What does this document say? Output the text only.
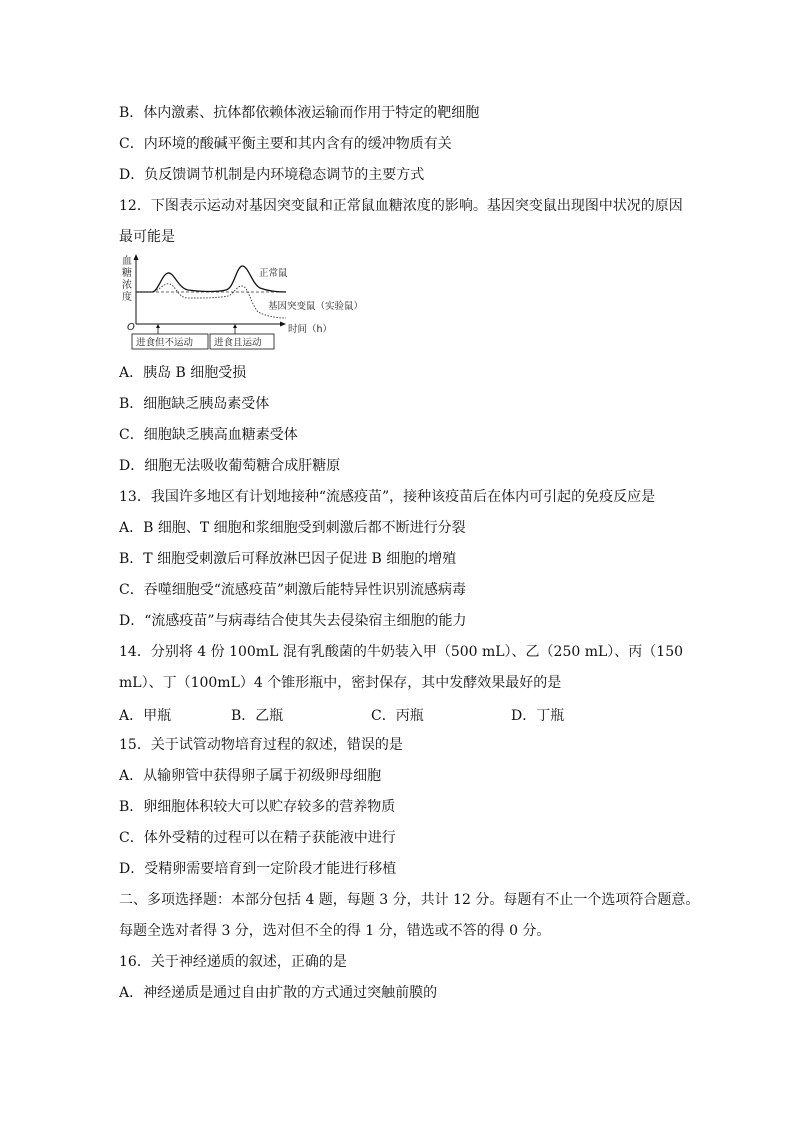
B．体内激素、抗体都依赖体液运输而作用于特定的靶细胞
C．内环境的酸碱平衡主要和其内含有的缓冲物质有关
D．负反馈调节机制是内环境稳态调节的主要方式
12．下图表示运动对基因突变鼠和正常鼠血糖浓度的影响。基因突变鼠出现图中状况的原因
最可能是
血
糖
浓
度
O	时间（h）
正常鼠
基因突变鼠（实验鼠）
进食但不运动 进食且运动
A．胰岛 B 细胞受损
B．细胞缺乏胰岛素受体
C．细胞缺乏胰高血糖素受体
D．细胞无法吸收葡萄糖合成肝糖原
13．我国许多地区有计划地接种“流感疫苗”，接种该疫苗后在体内可引起的免疫反应是
A．B 细胞、T 细胞和浆细胞受到刺激后都不断进行分裂
B．T 细胞受刺激后可释放淋巴因子促进 B 细胞的增殖
C．吞噬细胞受“流感疫苗”刺激后能特异性识别流感病毒
D．“流感疫苗”与病毒结合使其失去侵染宿主细胞的能力
14．分别将 4 份 100mL 混有乳酸菌的牛奶装入甲（500 mL）、乙（250 mL）、丙（150
mL）、丁（100mL）4 个锥形瓶中，密封保存，其中发酵效果最好的是
A．甲瓶	B．乙瓶	C．丙瓶	D．丁瓶
15．关于试管动物培育过程的叙述，错误的是
A．从输卵管中获得卵子属于初级卵母细胞
B．卵细胞体积较大可以贮存较多的营养物质
C．体外受精的过程可以在精子获能液中进行
D．受精卵需要培育到一定阶段才能进行移植
二、多项选择题：本部分包括 4 题，每题 3 分，共计 12 分。每题有不止一个选项符合题意。
每题全选对者得 3 分，选对但不全的得 1 分，错选或不答的得 0 分。
16．关于神经递质的叙述，正确的是
A．神经递质是通过自由扩散的方式通过突触前膜的
